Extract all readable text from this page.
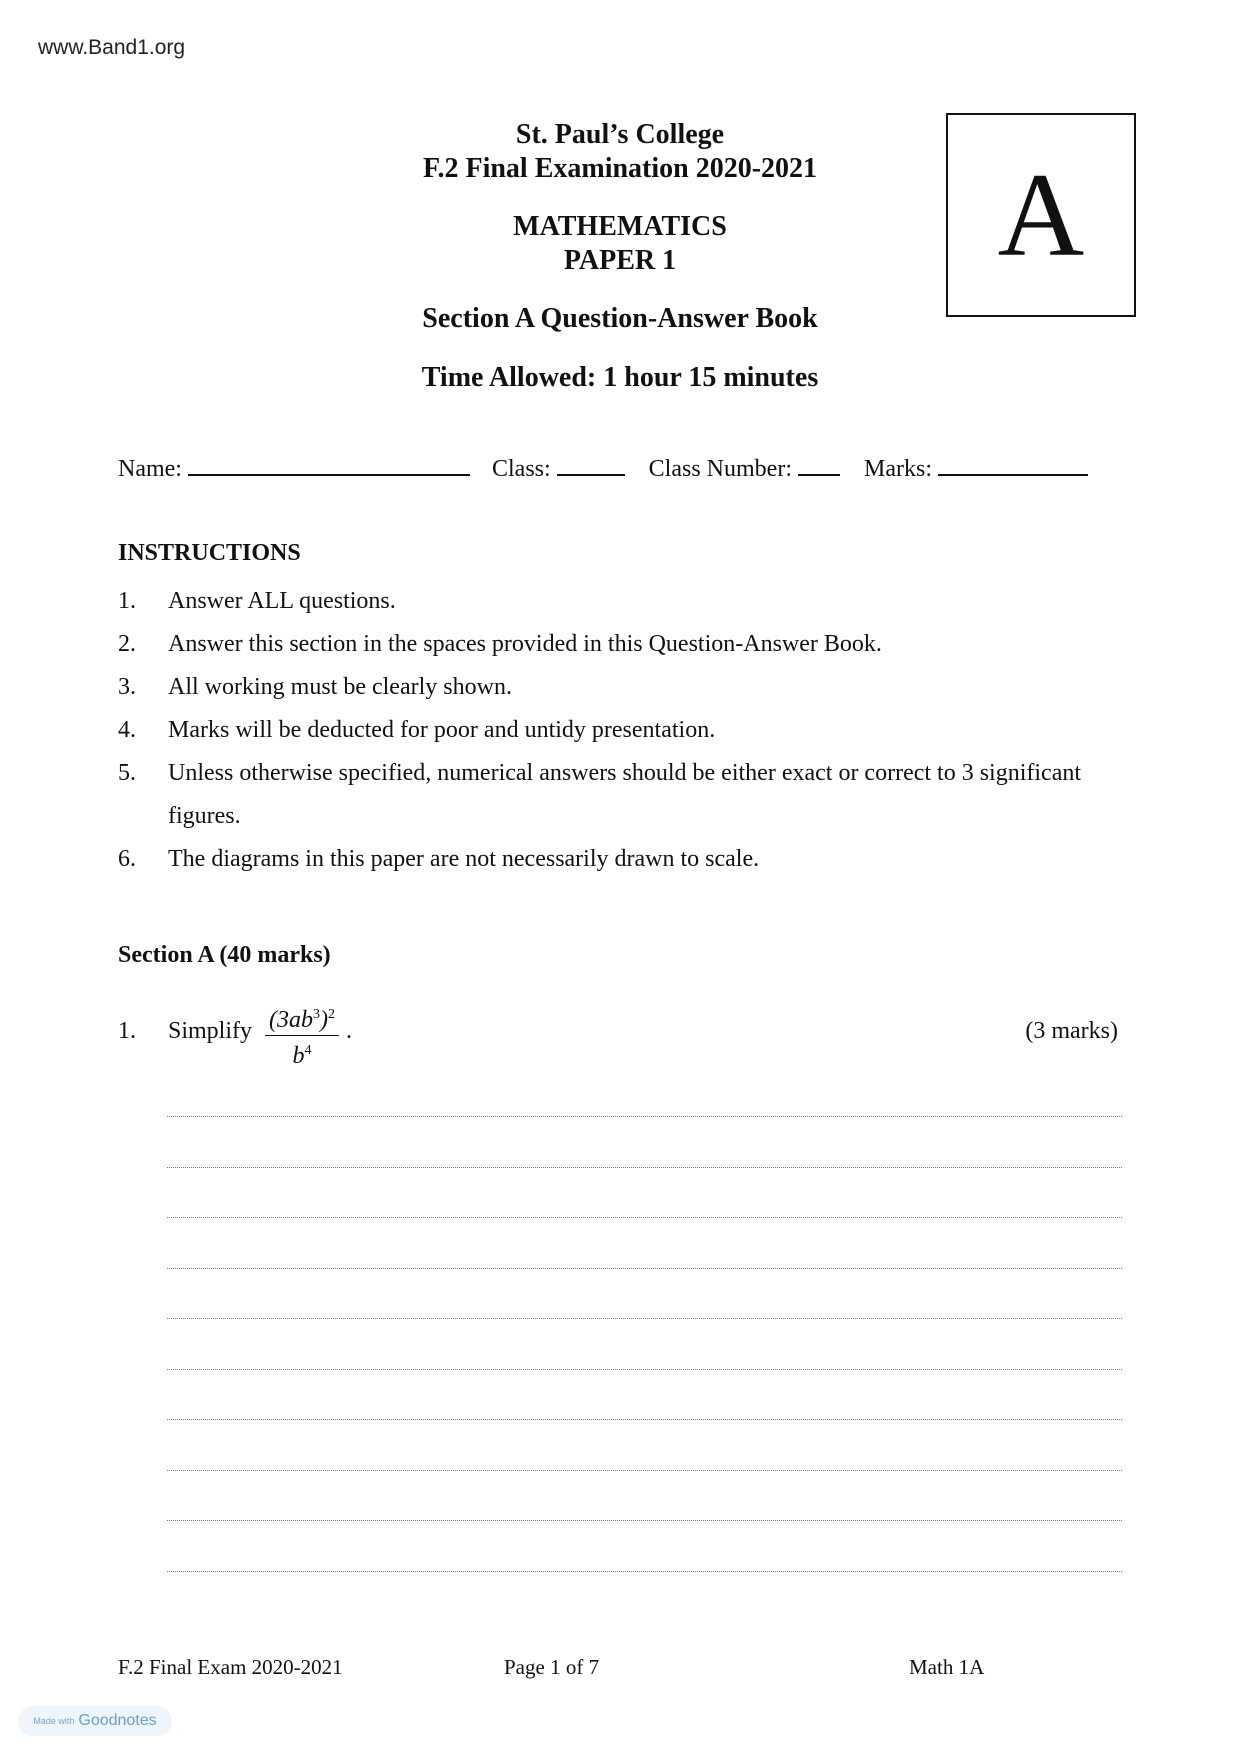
www.Band1.org
St. Paul’s College
F.2 Final Examination 2020-2021
MATHEMATICS
PAPER 1
Section A Question-Answer Book
Time Allowed: 1 hour 15 minutes
A
Name:	Class:	Class Number:	Marks:
INSTRUCTIONS
1.	Answer ALL questions.
2.	Answer this section in the spaces provided in this Question-Answer Book.
3.	All working must be clearly shown.
4.	Marks will be deducted for poor and untidy presentation.
5.	Unless otherwise specified, numerical answers should be either exact or correct to 3 significant figures.
6.	The diagrams in this paper are not necessarily drawn to scale.
Section A (40 marks)
1. Simplify $\frac{(3ab^3)^2}{b^4}$ .	(3 marks)
F.2 Final Exam 2020-2021	Page 1 of 7	Math 1A
Made with Goodnotes
